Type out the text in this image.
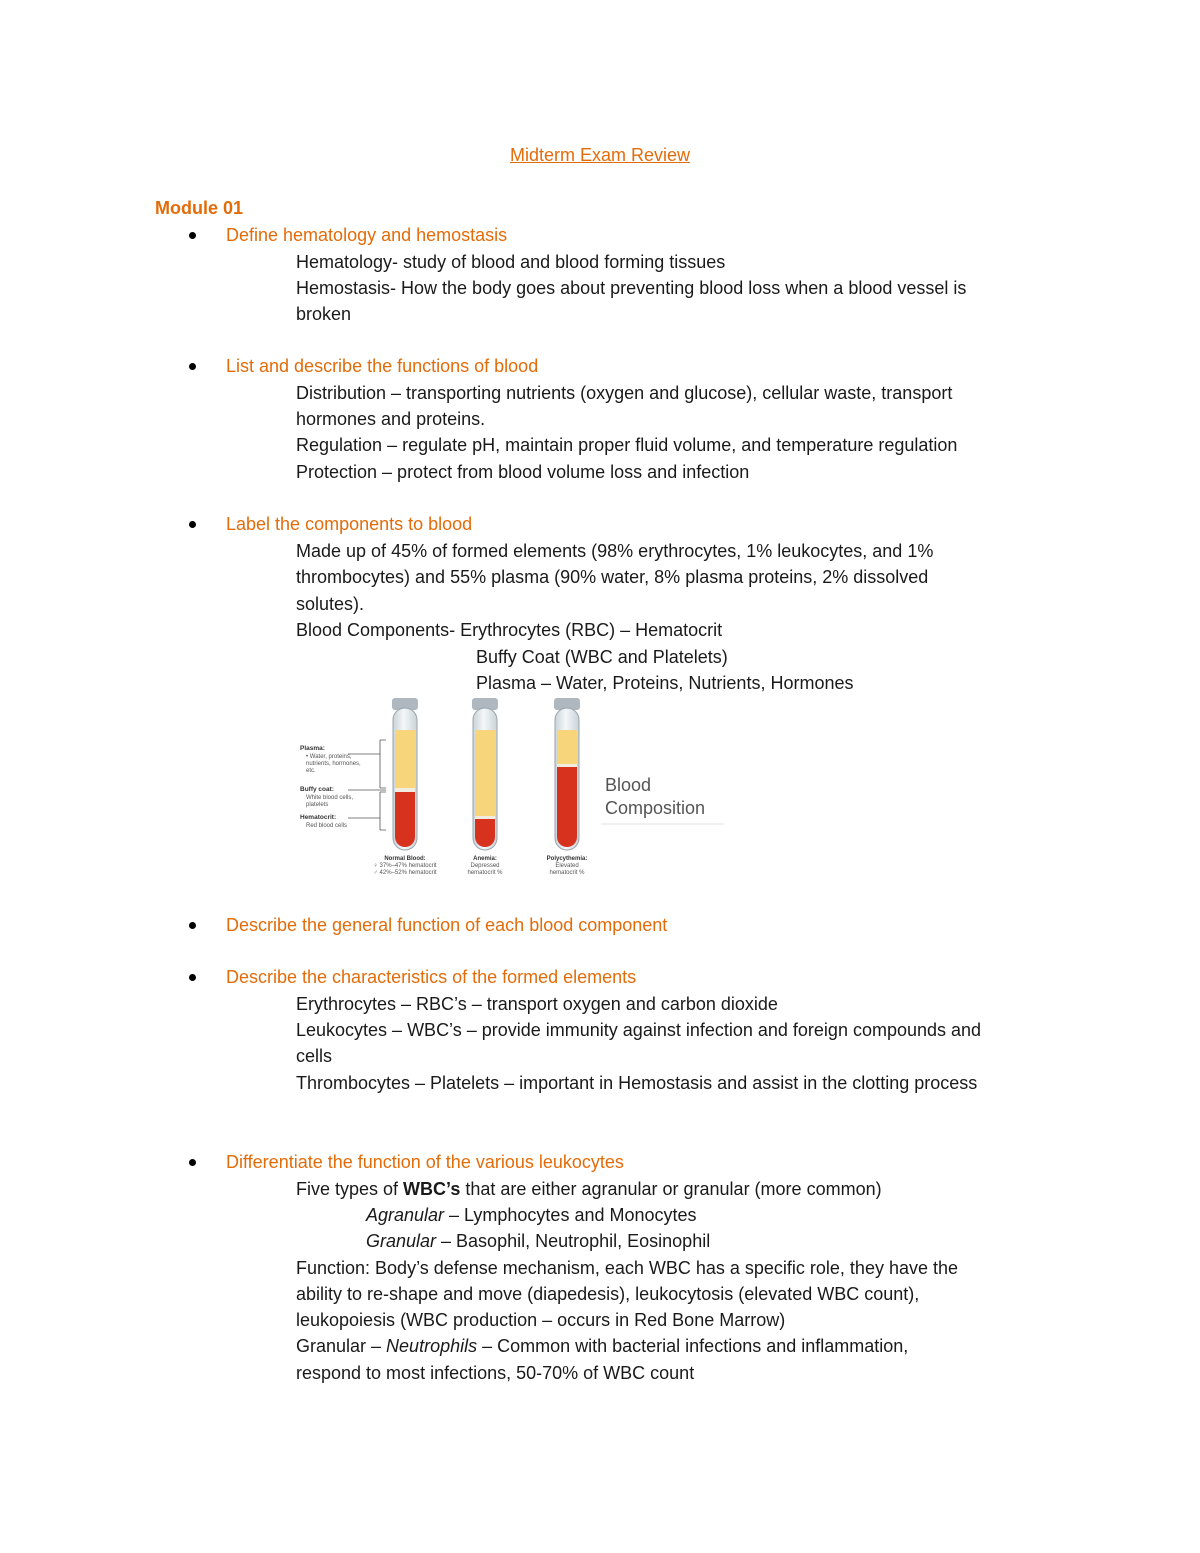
Midterm Exam Review
Module 01
Define hematology and hemostasis
Hematology- study of blood and blood forming tissues
Hemostasis- How the body goes about preventing blood loss when a blood vessel is
broken
List and describe the functions of blood
Distribution – transporting nutrients (oxygen and glucose), cellular waste, transport
hormones and proteins.
Regulation – regulate pH, maintain proper fluid volume, and temperature regulation
Protection – protect from blood volume loss and infection
Label the components to blood
Made up of 45% of formed elements (98% erythrocytes, 1% leukocytes, and 1%
thrombocytes) and 55% plasma (90% water, 8% plasma proteins, 2% dissolved
solutes).
Blood Components- Erythrocytes (RBC) – Hematocrit
Buffy Coat (WBC and Platelets)
Plasma – Water, Proteins, Nutrients, Hormones
Plasma:
• Water, proteins,
nutrients, hormones,
etc.
Buffy coat:
White blood cells,
platelets
Hematocrit:
Red blood cells
Normal Blood:
♀ 37%–47% hematocrit
♂ 42%–52% hematocrit
Anemia:
Depressed
hematocrit %
Polycythemia:
Elevated
hematocrit %
Blood
Composition
Describe the general function of each blood component
Describe the characteristics of the formed elements
Erythrocytes – RBC’s – transport oxygen and carbon dioxide
Leukocytes – WBC’s – provide immunity against infection and foreign compounds and
cells
Thrombocytes – Platelets – important in Hemostasis and assist in the clotting process
Differentiate the function of the various leukocytes
Five types of WBC’s that are either agranular or granular (more common)
Agranular – Lymphocytes and Monocytes
Granular – Basophil, Neutrophil, Eosinophil
Function: Body’s defense mechanism, each WBC has a specific role, they have the
ability to re-shape and move (diapedesis), leukocytosis (elevated WBC count),
leukopoiesis (WBC production – occurs in Red Bone Marrow)
Granular – Neutrophils – Common with bacterial infections and inflammation,
respond to most infections, 50-70% of WBC count
